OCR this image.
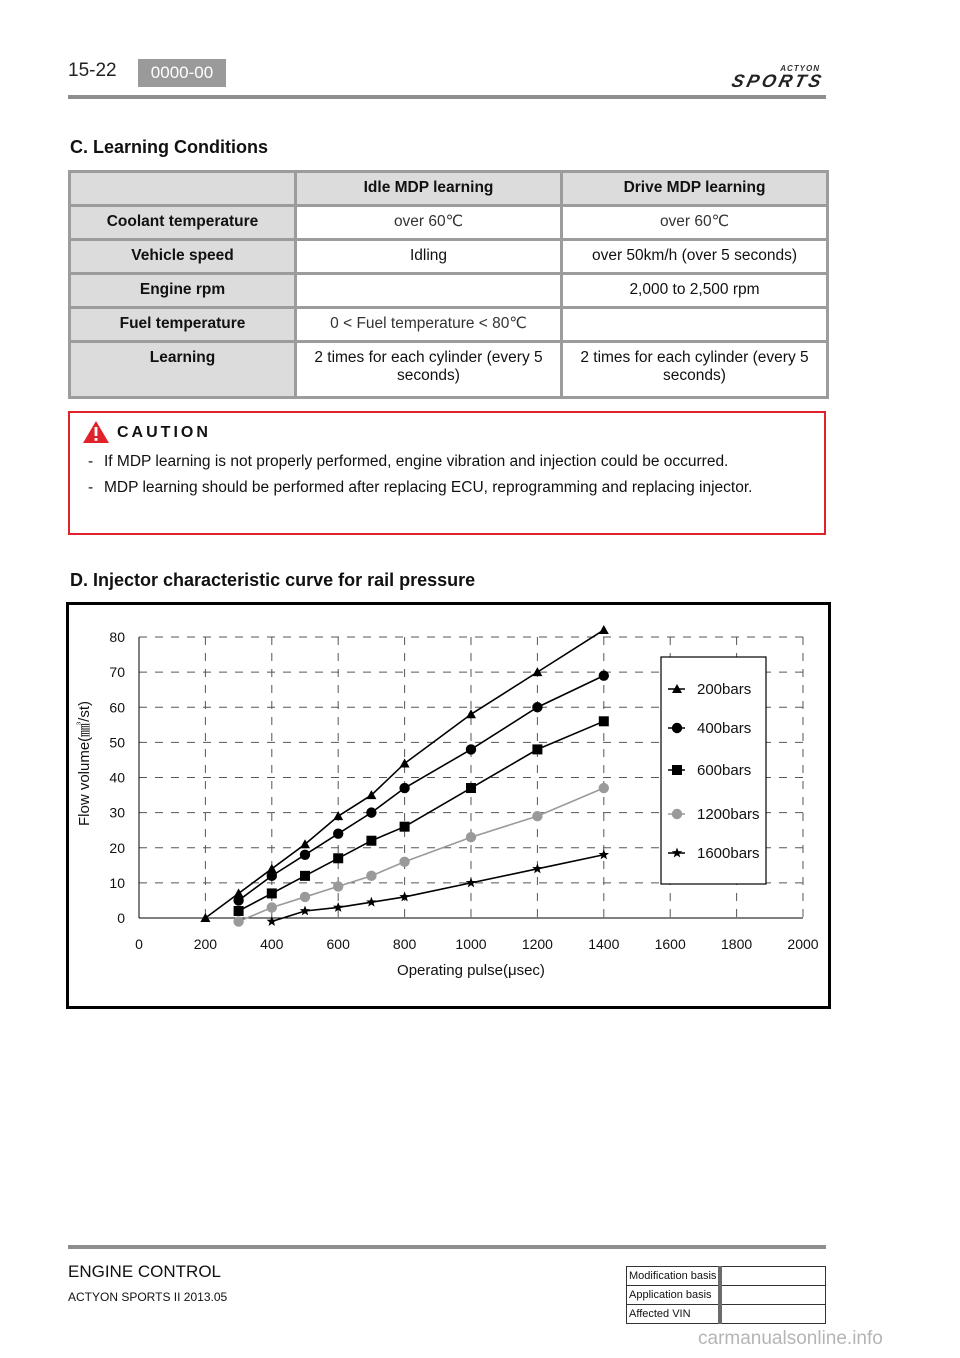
15-22	0000-00	ACTYON
SPORTS
C. Learning Conditions
	Idle MDP learning	Drive MDP learning
Coolant temperature	over 60℃	over 60℃
Vehicle speed	Idling	over 50km/h (over 5 seconds)
Engine rpm		2,000 to 2,500 rpm
Fuel temperature	0 < Fuel temperature < 80℃	
Learning	2 times for each cylinder (every 5 seconds)	2 times for each cylinder (every 5 seconds)
CAUTION
- If MDP learning is not properly performed, engine vibration and injection could be occurred.
- MDP learning should be performed after replacing ECU, reprogramming and replacing injector.
D. Injector characteristic curve for rail pressure
0
10
20
30
40
50
60
70
80
0	200	400	600	800	1000	1200	1400	1600	1800	2000
Operating pulse(μsec)
Flow volume(㎣/st)
200bars
400bars
600bars
1200bars
1600bars
ENGINE CONTROL
ACTYON SPORTS II 2013.05
Modification basis	
Application basis	
Affected VIN	
carmanualsonline.info
